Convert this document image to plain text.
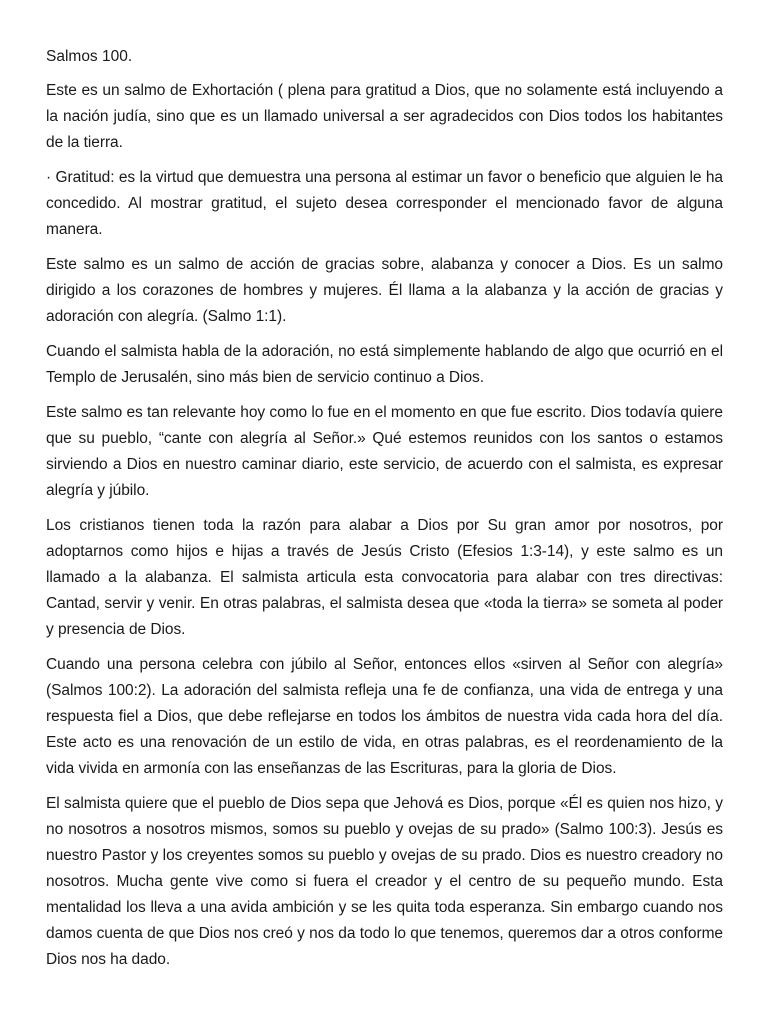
Salmos 100.

Este es un salmo de Exhortación ( plena para gratitud a Dios, que no solamente está incluyendo a la nación judía, sino que es un llamado universal a ser agradecidos con Dios todos los habitantes de la tierra.

· Gratitud: es la virtud que demuestra una persona al estimar un favor o beneficio que alguien le ha concedido. Al mostrar gratitud, el sujeto desea corresponder el mencionado favor de alguna manera.

Este salmo es un salmo de acción de gracias sobre, alabanza y conocer a Dios. Es un salmo dirigido a los corazones de hombres y mujeres. Él llama a la alabanza y la acción de gracias y adoración con alegría. (Salmo 1:1).

Cuando el salmista habla de la adoración, no está simplemente hablando de algo que ocurrió en el Templo de Jerusalén, sino más bien de servicio continuo a Dios.

Este salmo es tan relevante hoy como lo fue en el momento en que fue escrito. Dios todavía quiere que su pueblo, “cante con alegría al Señor.» Qué estemos reunidos con los santos o estamos sirviendo a Dios en nuestro caminar diario, este servicio, de acuerdo con el salmista, es expresar alegría y júbilo.

Los cristianos tienen toda la razón para alabar a Dios por Su gran amor por nosotros, por adoptarnos como hijos e hijas a través de Jesús Cristo (Efesios 1:3-14), y este salmo es un llamado a la alabanza. El salmista articula esta convocatoria para alabar con tres directivas: Cantad, servir y venir. En otras palabras, el salmista desea que «toda la tierra» se someta al poder y presencia de Dios.

Cuando una persona celebra con júbilo al Señor, entonces ellos «sirven al Señor con alegría» (Salmos 100:2). La adoración del salmista refleja una fe de confianza, una vida de entrega y una respuesta fiel a Dios, que debe reflejarse en todos los ámbitos de nuestra vida cada hora del día. Este acto es una renovación de un estilo de vida, en otras palabras, es el reordenamiento de la vida vivida en armonía con las enseñanzas de las Escrituras, para la gloria de Dios.

El salmista quiere que el pueblo de Dios sepa que Jehová es Dios, porque «Él es quien nos hizo, y no nosotros a nosotros mismos, somos su pueblo y ovejas de su prado» (Salmo 100:3). Jesús es nuestro Pastor y los creyentes somos su pueblo y ovejas de su prado. Dios es nuestro creadory no nosotros. Mucha gente vive como si fuera el creador y el centro de su pequeño mundo. Esta mentalidad los lleva a una avida ambición y se les quita toda esperanza. Sin embargo cuando nos damos cuenta de que Dios nos creó y nos da todo lo que tenemos, queremos dar a otros conforme Dios nos ha dado.
